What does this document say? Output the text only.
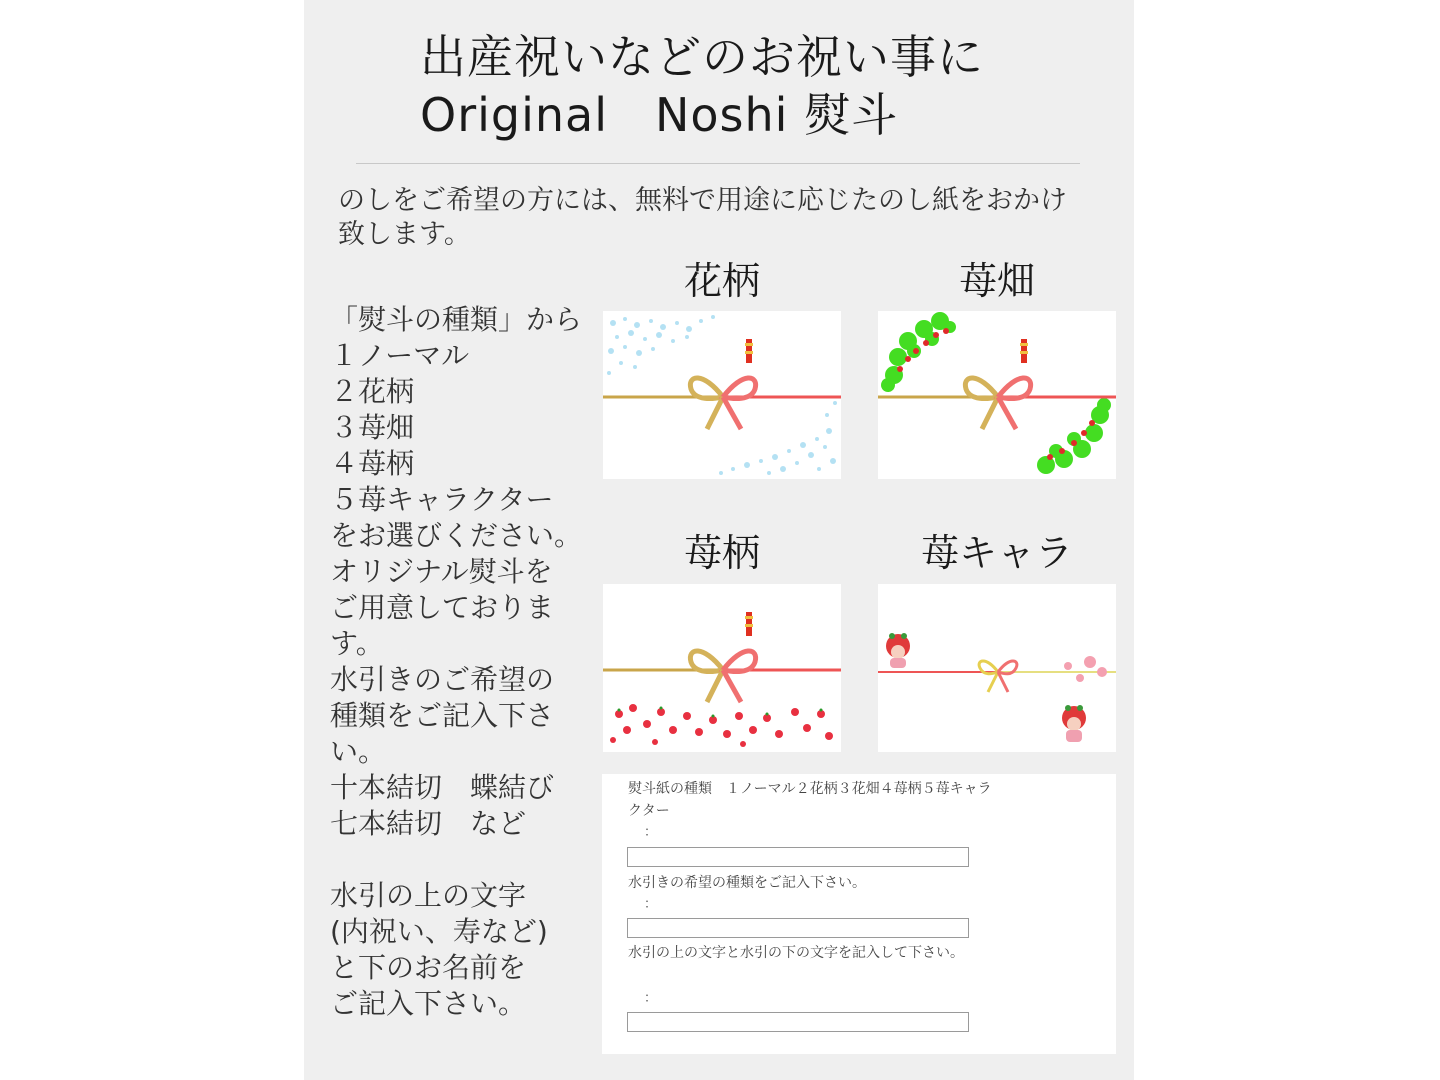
出産祝いなどのお祝い事に
Original　Noshi 熨斗
のしをご希望の方には、無料で用途に応じたのし紙をおかけ致します。
「熨斗の種類」から
１ノーマル
２花柄
３苺畑
４苺柄
５苺キャラクター
をお選びください。
オリジナル熨斗を
ご用意しておりま
す。
水引きのご希望の
種類をご記入下さ
い。
十本結切　蝶結び
七本結切　など
水引の上の文字
(内祝い、寿など)
と下のお名前を
ご記入下さい。
花柄	苺畑
苺柄	苺キャラ
熨斗紙の種類　１ノーマル２花柄３花畑４苺柄５苺キャラクター
：
水引きの希望の種類をご記入下さい。
：
水引の上の文字と水引の下の文字を記入して下さい。
：
